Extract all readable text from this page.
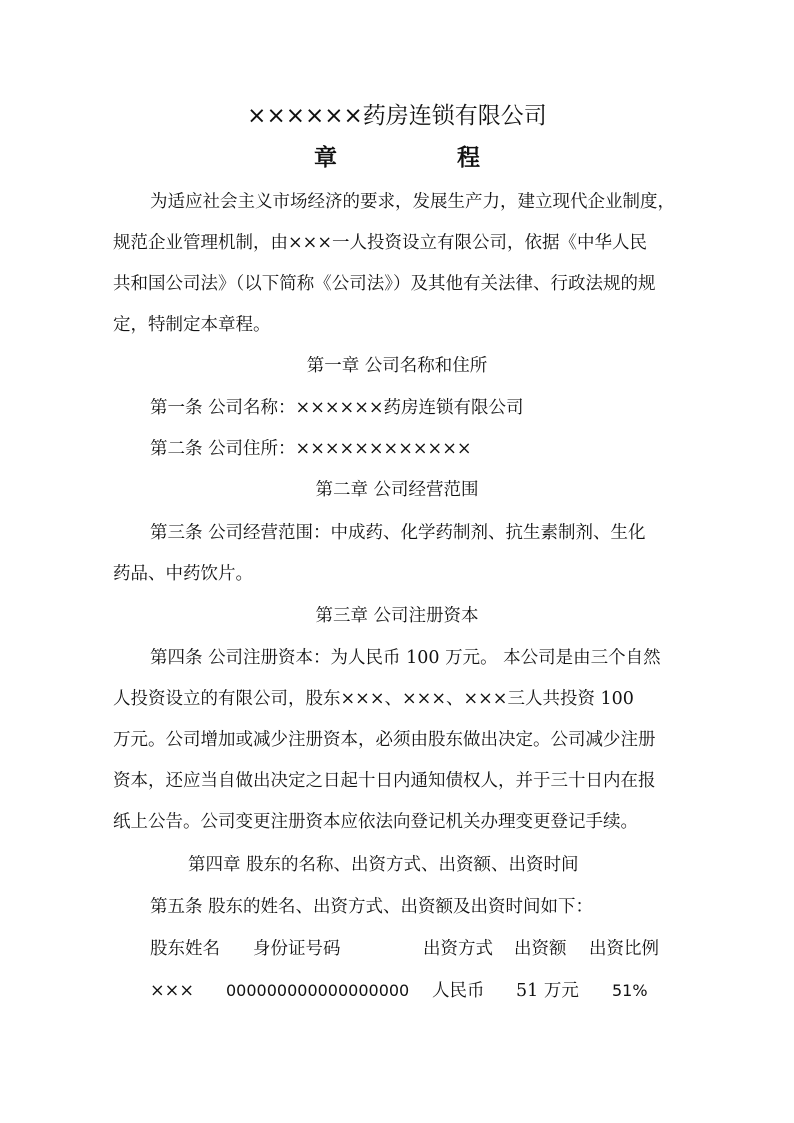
××××××药房连锁有限公司
章	程
为适应社会主义市场经济的要求，发展生产力，建立现代企业制度，
规范企业管理机制，由×××一人投资设立有限公司，依据《中华人民
共和国公司法》（以下简称《公司法》）及其他有关法律、行政法规的规
定，特制定本章程。
第一章 公司名称和住所
第一条 公司名称：××××××药房连锁有限公司
第二条 公司住所：××××××××××××
第二章 公司经营范围
第三条 公司经营范围：中成药、化学药制剂、抗生素制剂、生化
药品、中药饮片。
第三章 公司注册资本
第四条 公司注册资本：为人民币 100 万元。 本公司是由三个自然
人投资设立的有限公司，股东×××、×××、×××三人共投资 100
万元。公司增加或减少注册资本，必须由股东做出决定。公司减少注册
资本，还应当自做出决定之日起十日内通知债权人，并于三十日内在报
纸上公告。公司变更注册资本应依法向登记机关办理变更登记手续。
第四章 股东的名称、出资方式、出资额、出资时间
第五条 股东的姓名、出资方式、出资额及出资时间如下：
股东姓名 身份证号码	出资方式 出资额 出资比例
××× 000000000000000000 人民币 51 万元 51%
